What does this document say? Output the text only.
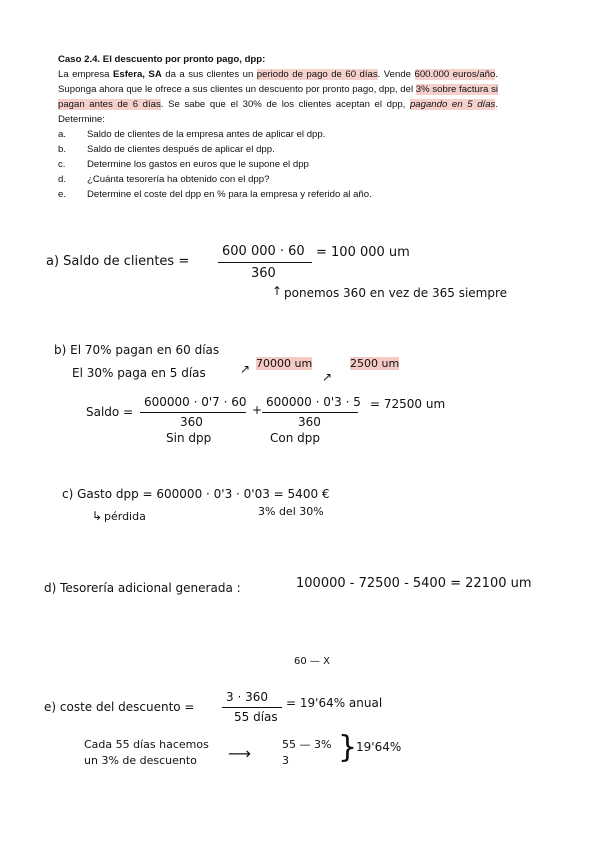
Caso 2.4. El descuento por pronto pago, dpp:
La empresa Esfera, SA da a sus clientes un periodo de pago de 60 días. Vende 600.000 euros/año. Suponga ahora que le ofrece a sus clientes un descuento por pronto pago, dpp, del 3% sobre factura si pagan antes de 6 días. Se sabe que el 30% de los clientes aceptan el dpp, pagando en 5 días. Determine:
a.	Saldo de clientes de la empresa antes de aplicar el dpp.
b.	Saldo de clientes después de aplicar el dpp.
c.	Determine los gastos en euros que le supone el dpp
d.	¿Cuánta tesorería ha obtenido con el dpp?
e.	Determine el coste del dpp en % para la empresa y referido al año.
a) Saldo de clientes =
600 000 · 60
360
= 100 000 um
↑ ponemos 360 en vez de 365 siempre
b) El 70% pagan en 60 días
El 30% paga en 5 días	↗ 70000 um
↗
2500 um
Saldo =
600000 · 0'7 · 60
360
+
600000 · 0'3 · 5
360
= 72500 um
Sin dpp	Con dpp
c) Gasto dpp = 600000 · 0'3 · 0'03 = 5400 €
↳ pérdida	3% del 30%
d) Tesorería adicional generada :	100000 - 72500 - 5400 = 22100 um
60 — X
e) coste del descuento =
3 · 360
55 días
= 19'64% anual
Cada 55 días hacemos
un 3% de descuento ⟶	55 — 3%
3 }
19'64%
